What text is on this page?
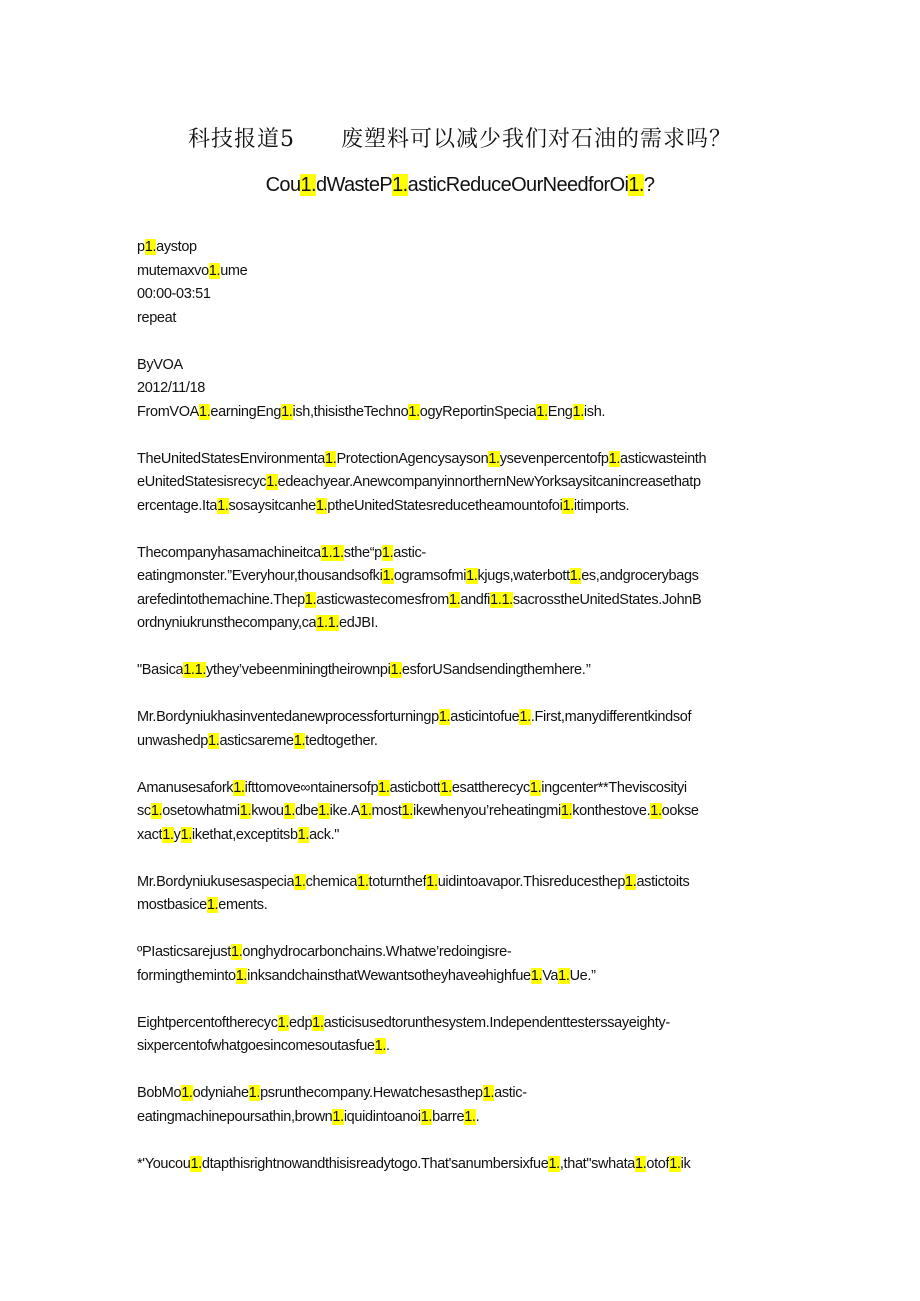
科技报道5　　废塑料可以减少我们对石油的需求吗？
Cou1.dWasteP1.asticReduceOurNeedforOi1.?
p1.aystop
mutemaxvo1.ume
00:00-03:51
repeat
ByVOA
2012/11/18
FromVOA1.earningEng1.ish,thisistheTechno1.ogyReportinSpecia1.Eng1.ish.
TheUnitedStatesEnvironmenta1.ProtectionAgencysayson1.ysevenpercentofp1.asticwasteinth
eUnitedStatesisrecyc1.edeachyear.AnewcompanyinnorthernNewYorksaysitcanincreasethatp
ercentage.Ita1.sosaysitcanhe1.ptheUnitedStatesreducetheamountofoi1.itimports.
Thecompanyhasamachineitca1.1.sthe“p1.astic-
eatingmonster.”Everyhour,thousandsofki1.ogramsofmi1.kjugs,waterbott1.es,andgrocerybags
arefedintothemachine.Thep1.asticwastecomesfrom1.andfi1.1.sacrosstheUnitedStates.JohnB
ordnyniukrunsthecompany,ca1.1.edJBI.
"Basica1.1.ythey’vebeenminingtheirownpi1.esforUSandsendingthemhere.’’
Mr.Bordyniukhasinventedanewprocessforturningp1.asticintofue1..First,manydifferentkindsof
unwashedp1.asticsareme1.tedtogether.
Amanusesafork1.ifttomove∞ntainersofp1.asticbott1.esattherecyc1.ingcenter**Theviscosityi
sc1.osetowhatmi1.kwou1.dbe1.ike.A1.most1.ikewhenyou’reheatingmi1.konthestove.1.ookse
xact1.y1.ikethat,exceptitsb1.ack."
Mr.Bordyniukusesaspecia1.chemica1.toturnthef1.uidintoavapor.Thisreducesthep1.astictoits
mostbasice1.ements.
ºPIasticsarejust1.onghydrocarbonchains.Whatwe’redoingisre-
formingtheminto1.inksandchainsthatWewantsotheyhaveəhighfue1.Va1.Ue.”
Eightpercentoftherecyc1.edp1.asticisusedtorunthesystem.Independenttesterssayeighty-
sixpercentofwhatgoesincomesoutasfue1..
BobMo1.odyniahe1.psrunthecompany.Hewatchesasthep1.astic-
eatingmachinepoursathin,brown1.iquidintoanoi1.barre1..
*'Youcou1.dtapthisrightnowandthisisreadytogo.That'sanumbersixfue1.,that"swhata1.otof1.ik
